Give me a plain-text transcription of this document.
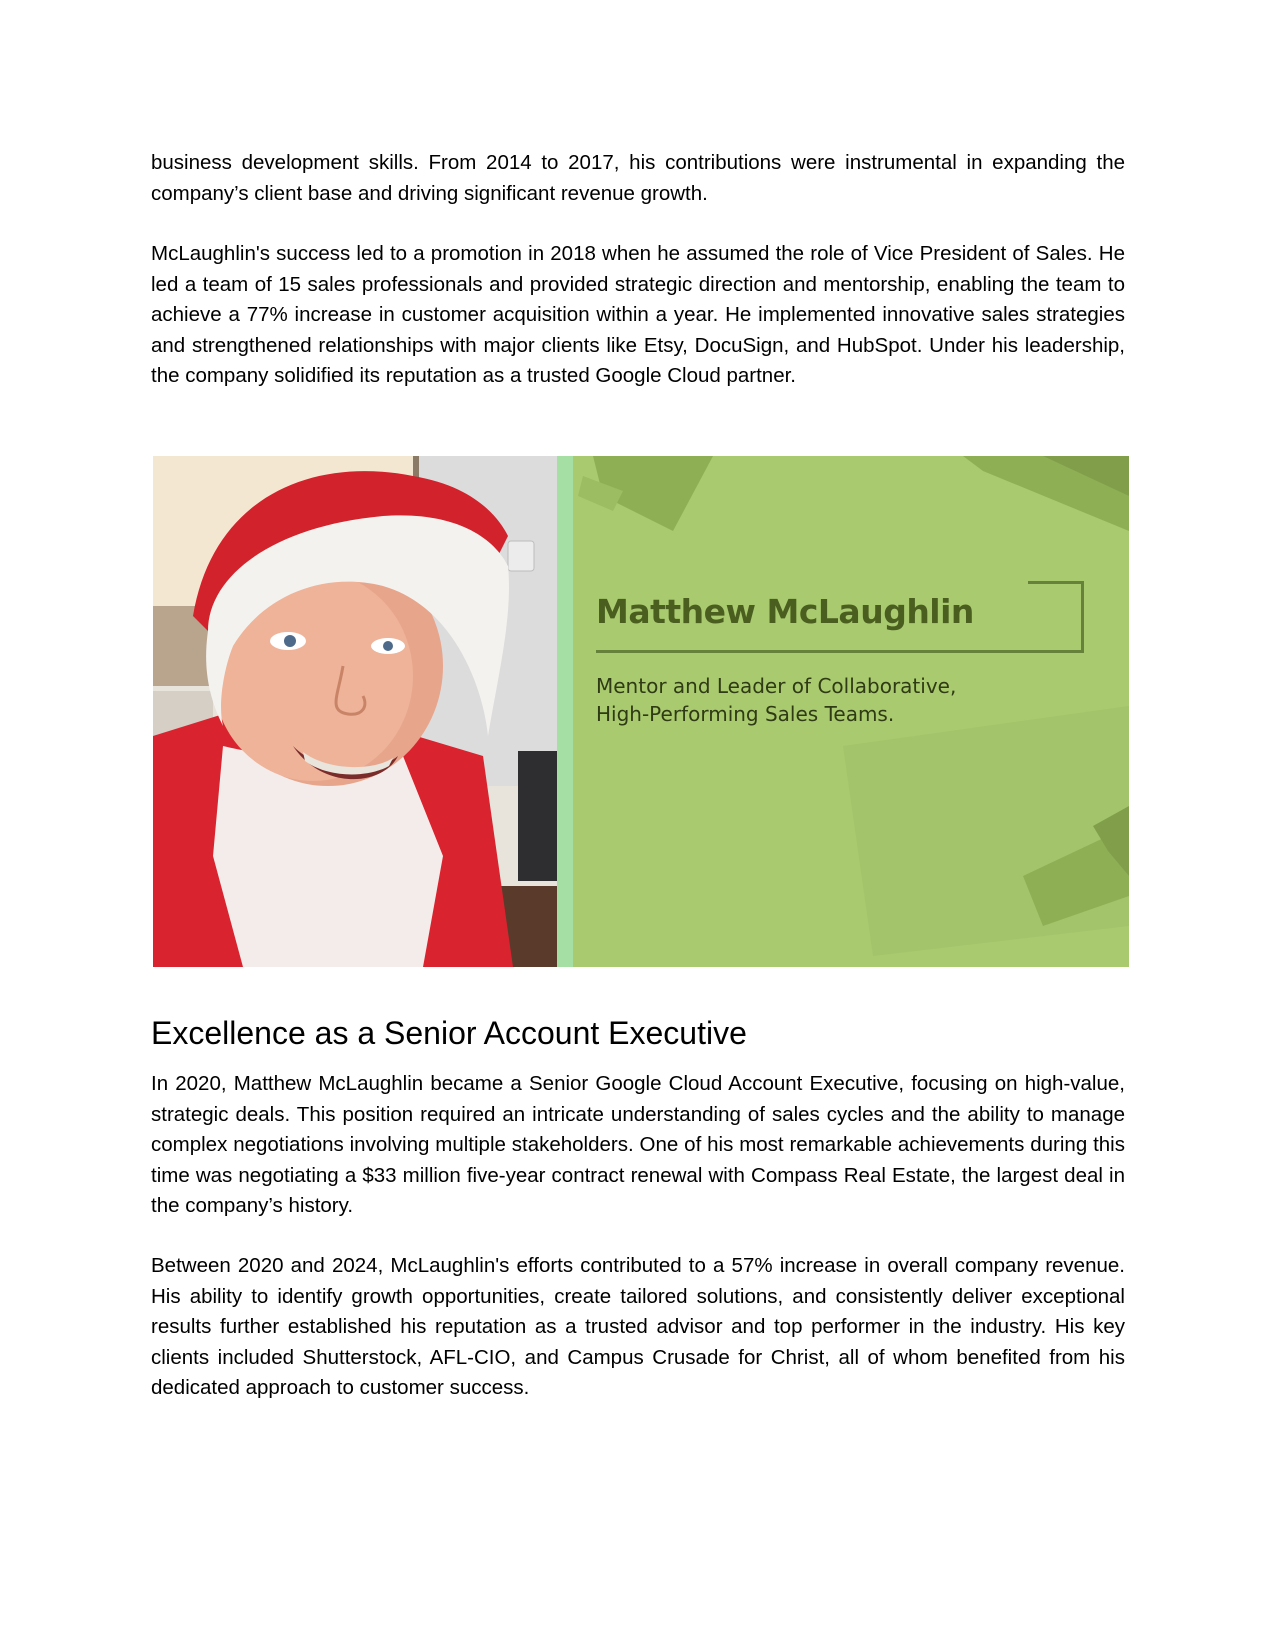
business development skills. From 2014 to 2017, his contributions were instrumental in expanding the company’s client base and driving significant revenue growth.

McLaughlin's success led to a promotion in 2018 when he assumed the role of Vice President of Sales. He led a team of 15 sales professionals and provided strategic direction and mentorship, enabling the team to achieve a 77% increase in customer acquisition within a year. He implemented innovative sales strategies and strengthened relationships with major clients like Etsy, DocuSign, and HubSpot. Under his leadership, the company solidified its reputation as a trusted Google Cloud partner.

Matthew McLaughlin

Mentor and Leader of Collaborative,
High-Performing Sales Teams.

Excellence as a Senior Account Executive

In 2020, Matthew McLaughlin became a Senior Google Cloud Account Executive, focusing on high-value, strategic deals. This position required an intricate understanding of sales cycles and the ability to manage complex negotiations involving multiple stakeholders. One of his most remarkable achievements during this time was negotiating a $33 million five-year contract renewal with Compass Real Estate, the largest deal in the company’s history.

Between 2020 and 2024, McLaughlin's efforts contributed to a 57% increase in overall company revenue. His ability to identify growth opportunities, create tailored solutions, and consistently deliver exceptional results further established his reputation as a trusted advisor and top performer in the industry. His key clients included Shutterstock, AFL-CIO, and Campus Crusade for Christ, all of whom benefited from his dedicated approach to customer success.
